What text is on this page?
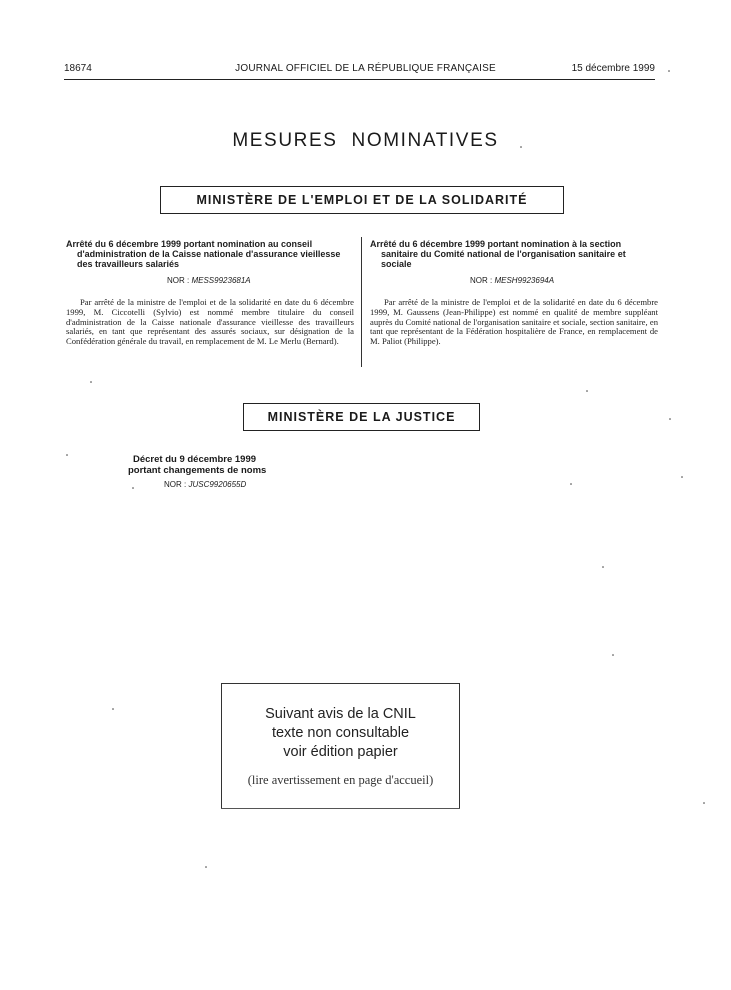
18674	JOURNAL OFFICIEL DE LA RÉPUBLIQUE FRANÇAISE	15 décembre 1999
MESURES NOMINATIVES
MINISTÈRE DE L'EMPLOI ET DE LA SOLIDARITÉ
Arrêté du 6 décembre 1999 portant nomination au conseil d'administration de la Caisse nationale d'assurance vieillesse des travailleurs salariés
NOR : MESS9923681A

Par arrêté de la ministre de l'emploi et de la solidarité en date du 6 décembre 1999, M. Ciccotelli (Sylvio) est nommé membre titulaire du conseil d'administration de la Caisse nationale d'assurance vieillesse des travailleurs salariés, en tant que représentant des assurés sociaux, sur désignation de la Confédération générale du travail, en remplacement de M. Le Merlu (Bernard).

Arrêté du 6 décembre 1999 portant nomination à la section sanitaire du Comité national de l'organisation sanitaire et sociale
NOR : MESH9923694A

Par arrêté de la ministre de l'emploi et de la solidarité en date du 6 décembre 1999, M. Gaussens (Jean-Philippe) est nommé en qualité de membre suppléant auprès du Comité national de l'organisation sanitaire et sociale, section sanitaire, en tant que représentant de la Fédération hospitalière de France, en remplacement de M. Paliot (Philippe).

MINISTÈRE DE LA JUSTICE
Décret du 9 décembre 1999
portant changements de noms
NOR : JUSC9920655D
Suivant avis de la CNIL
texte non consultable
voir édition papier
(lire avertissement en page d'accueil)
